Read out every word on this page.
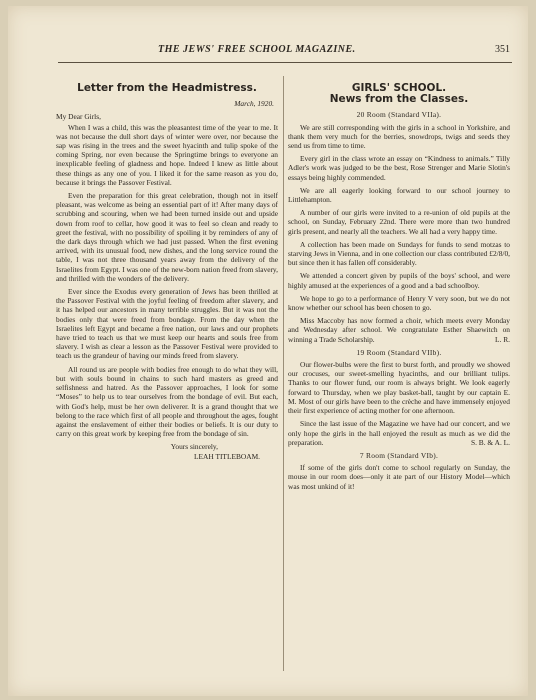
THE JEWS' FREE SCHOOL MAGAZINE.	351
Letter from the Headmistress.
March, 1920.
My Dear Girls,

When I was a child, this was the pleasantest time of the year to me. It was not because the dull short days of winter were over, nor because the sap was rising in the trees and the sweet hyacinth and tulip spoke of the coming Spring, nor even because the Springtime brings to everyone an inexplicable feeling of gladness and hope. Indeed I knew as little about these things as any one of you. I liked it for the same reason as you do, because it brings the Passover Festival.

Even the preparation for this great celebration, though not in itself pleasant, was welcome as being an essential part of it! After many days of scrubbing and scouring, when we had been turned inside out and upside down from roof to cellar, how good it was to feel so clean and ready to greet the festival, with no possibility of spoiling it by reminders of any of the dark days through which we had just passed. When the first evening arrived, with its unusual food, new dishes, and the long service round the table, I was not three thousand years away from the delivery of the Israelites from Egypt. I was one of the new-born nation freed from slavery, and thrilled with the wonders of the delivery.

Ever since the Exodus every generation of Jews has been thrilled at the Passover Festival with the joyful feeling of freedom after slavery, and it has helped our ancestors in many terrible struggles. But it was not the bodies only that were freed from bondage. From the day when the Israelites left Egypt and became a free nation, our laws and our prophets have tried to teach us that we must keep our hearts and souls free from slavery. I wish as clear a lesson as the Passover Festival were provided to teach us the grandeur of having our minds freed from slavery.

All round us are people with bodies free enough to do what they will, but with souls bound in chains to such hard masters as greed and selfishness and hatred. As the Passover approaches, I look for some “Moses” to help us to tear ourselves from the bondage of evil. But each, with God's help, must be her own deliverer. It is a grand thought that we belong to the race which first of all people and throughout the ages, fought against the enslavement of either their bodies or beliefs. It is our duty to carry on this great work by keeping free from the bondage of sin.

Yours sincerely,
LEAH TITLEBOAM.
GIRLS' SCHOOL.
News from the Classes.
20 Room (Standard VIIa).

We are still corresponding with the girls in a school in Yorkshire, and thank them very much for the berries, snowdrops, twigs and seeds they send us from time to time.

Every girl in the class wrote an essay on “Kindness to animals.” Tilly Adler's work was judged to be the best, Rose Strenger and Marie Slotin's essays being highly commended.

We are all eagerly looking forward to our school journey to Littlehampton.

A number of our girls were invited to a re-union of old pupils at the school, on Sunday, February 22nd. There were more than two hundred girls present, and nearly all the teachers. We all had a very happy time.

A collection has been made on Sundays for funds to send motzas to starving Jews in Vienna, and in one collection our class contributed £2/8/0, but since then it has fallen off considerably.

We attended a concert given by pupils of the boys' school, and were highly amused at the experiences of a good and a bad schoolboy.

We hope to go to a performance of Henry V very soon, but we do not know whether our school has been chosen to go.

Miss Maccoby has now formed a choir, which meets every Monday and Wednesday after school. We congratulate Esther Shaewitch on winning a Trade Scholarship.	L. R.

19 Room (Standard VIIb).

Our flower-bulbs were the first to burst forth, and proudly we showed our crocuses, our sweet-smelling hyacinths, and our brilliant tulips. Thanks to our flower fund, our room is always bright. We look eagerly forward to Thursday, when we play basket-ball, taught by our captain E. M. Most of our girls have been to the crèche and have immensely enjoyed their first experience of acting mother for one afternoon.

Since the last issue of the Magazine we have had our concert, and we only hope the girls in the hall enjoyed the result as much as we did the preparation.	S. B. & A. L.

7 Room (Standard VIb).

If some of the girls don't come to school regularly on Sunday, the mouse in our room does—only it ate part of our History Model—which was most unkind of it!
